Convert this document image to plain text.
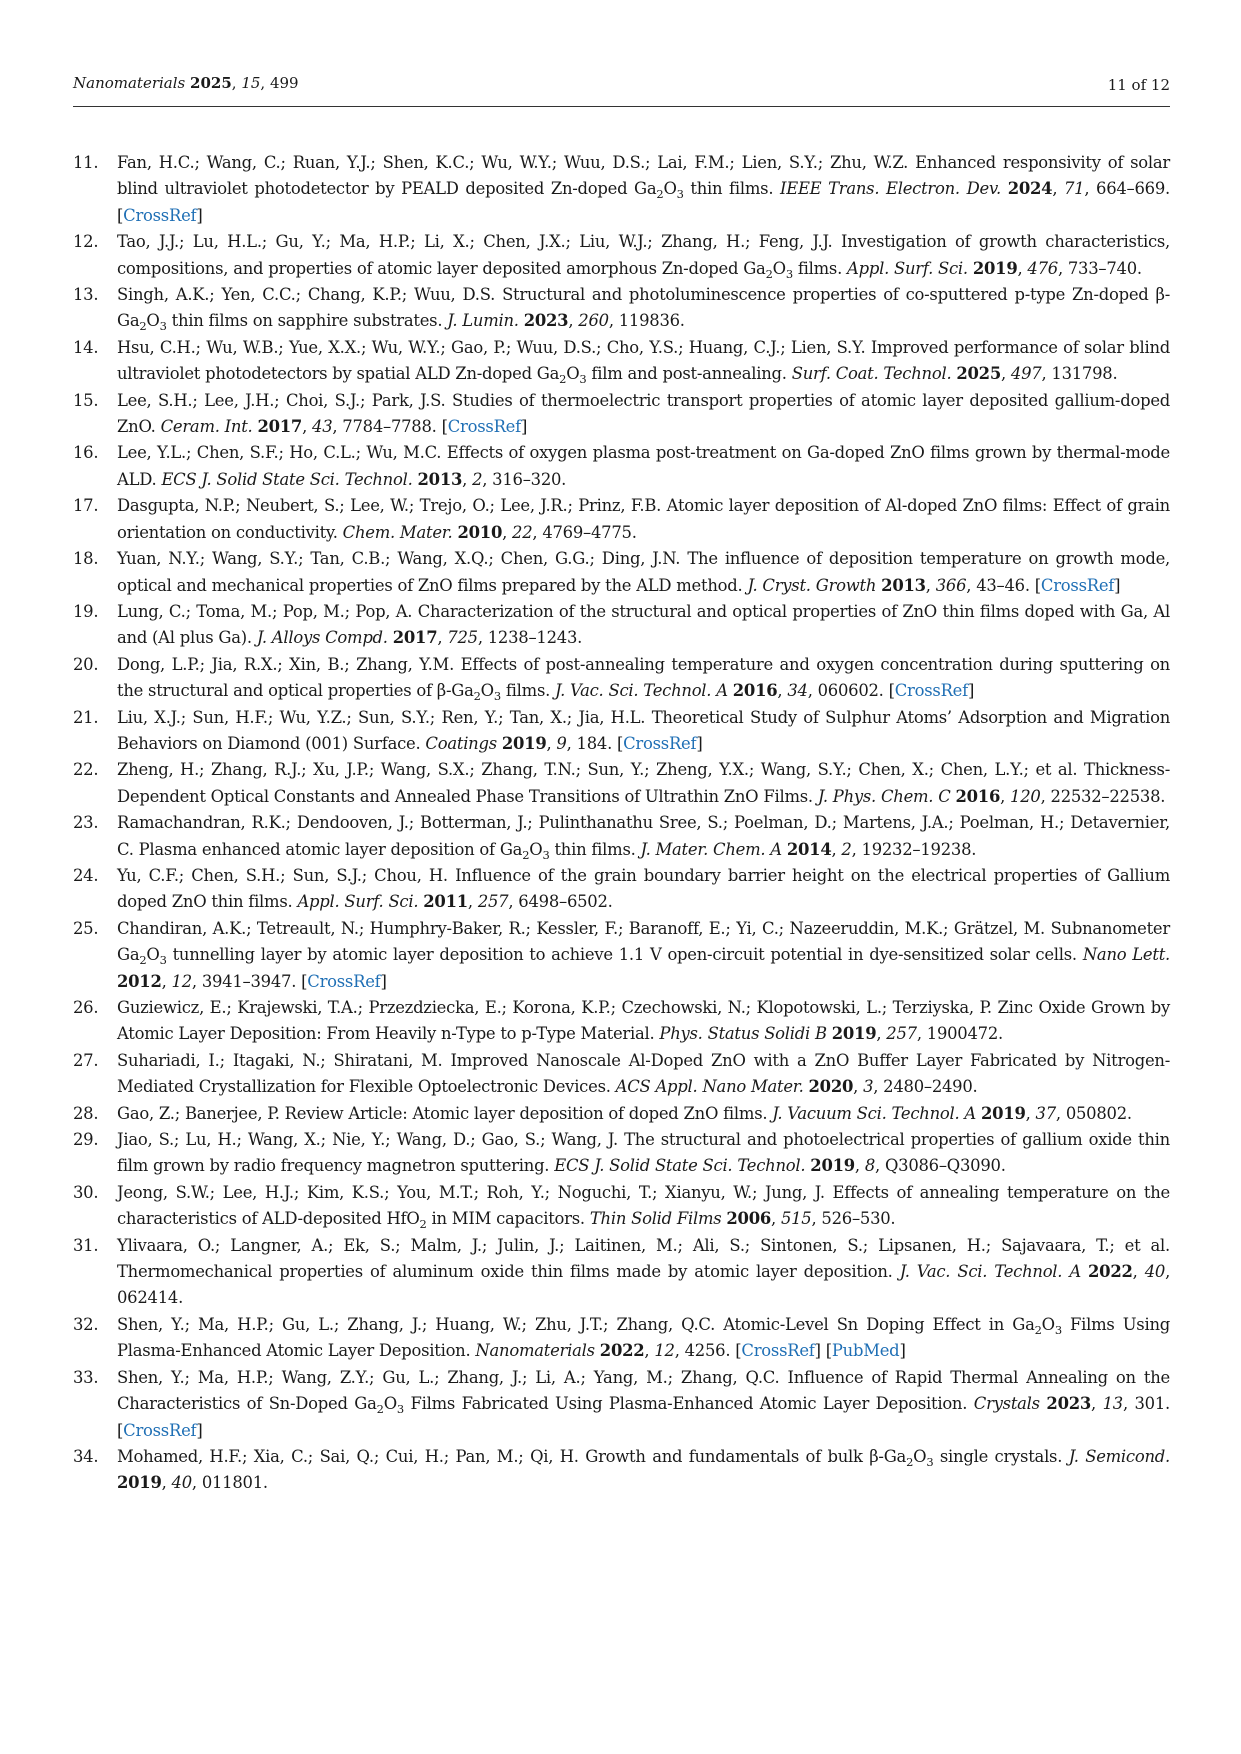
Nanomaterials 2025, 15, 499	11 of 12
11.	Fan, H.C.; Wang, C.; Ruan, Y.J.; Shen, K.C.; Wu, W.Y.; Wuu, D.S.; Lai, F.M.; Lien, S.Y.; Zhu, W.Z. Enhanced responsivity of solar blind ultraviolet photodetector by PEALD deposited Zn-doped $Ga_2O_3$ thin films. IEEE Trans. Electron. Dev. 2024, 71, 664–669. [CrossRef]
12.	Tao, J.J.; Lu, H.L.; Gu, Y.; Ma, H.P.; Li, X.; Chen, J.X.; Liu, W.J.; Zhang, H.; Feng, J.J. Investigation of growth characteristics, compositions, and properties of atomic layer deposited amorphous Zn-doped $Ga_2O_3$ films. Appl. Surf. Sci. 2019, 476, 733–740.
13.	Singh, A.K.; Yen, C.C.; Chang, K.P.; Wuu, D.S. Structural and photoluminescence properties of co-sputtered p-type Zn-doped $\beta-Ga_2O_3$ thin films on sapphire substrates. J. Lumin. 2023, 260, 119836.
14.	Hsu, C.H.; Wu, W.B.; Yue, X.X.; Wu, W.Y.; Gao, P.; Wuu, D.S.; Cho, Y.S.; Huang, C.J.; Lien, S.Y. Improved performance of solar blind ultraviolet photodetectors by spatial ALD Zn-doped $Ga_2O_3$ film and post-annealing. Surf. Coat. Technol. 2025, 497, 131798.
15.	Lee, S.H.; Lee, J.H.; Choi, S.J.; Park, J.S. Studies of thermoelectric transport properties of atomic layer deposited gallium-doped ZnO. Ceram. Int. 2017, 43, 7784–7788. [CrossRef]
16.	Lee, Y.L.; Chen, S.F.; Ho, C.L.; Wu, M.C. Effects of oxygen plasma post-treatment on Ga-doped ZnO films grown by thermal-mode ALD. ECS J. Solid State Sci. Technol. 2013, 2, 316–320.
17.	Dasgupta, N.P.; Neubert, S.; Lee, W.; Trejo, O.; Lee, J.R.; Prinz, F.B. Atomic layer deposition of Al-doped ZnO films: Effect of grain orientation on conductivity. Chem. Mater. 2010, 22, 4769–4775.
18.	Yuan, N.Y.; Wang, S.Y.; Tan, C.B.; Wang, X.Q.; Chen, G.G.; Ding, J.N. The influence of deposition temperature on growth mode, optical and mechanical properties of ZnO films prepared by the ALD method. J. Cryst. Growth 2013, 366, 43–46. [CrossRef]
19.	Lung, C.; Toma, M.; Pop, M.; Pop, A. Characterization of the structural and optical properties of ZnO thin films doped with Ga, Al and (Al plus Ga). J. Alloys Compd. 2017, 725, 1238–1243.
20.	Dong, L.P.; Jia, R.X.; Xin, B.; Zhang, Y.M. Effects of post-annealing temperature and oxygen concentration during sputtering on the structural and optical properties of $\beta-Ga_2O_3$ films. J. Vac. Sci. Technol. A 2016, 34, 060602. [CrossRef]
21.	Liu, X.J.; Sun, H.F.; Wu, Y.Z.; Sun, S.Y.; Ren, Y.; Tan, X.; Jia, H.L. Theoretical Study of Sulphur Atoms’ Adsorption and Migration Behaviors on Diamond (001) Surface. Coatings 2019, 9, 184. [CrossRef]
22.	Zheng, H.; Zhang, R.J.; Xu, J.P.; Wang, S.X.; Zhang, T.N.; Sun, Y.; Zheng, Y.X.; Wang, S.Y.; Chen, X.; Chen, L.Y.; et al. Thickness-Dependent Optical Constants and Annealed Phase Transitions of Ultrathin ZnO Films. J. Phys. Chem. C 2016, 120, 22532–22538.
23.	Ramachandran, R.K.; Dendooven, J.; Botterman, J.; Pulinthanathu Sree, S.; Poelman, D.; Martens, J.A.; Poelman, H.; Detavernier, C. Plasma enhanced atomic layer deposition of $Ga_2O_3$ thin films. J. Mater. Chem. A 2014, 2, 19232–19238.
24.	Yu, C.F.; Chen, S.H.; Sun, S.J.; Chou, H. Influence of the grain boundary barrier height on the electrical properties of Gallium doped ZnO thin films. Appl. Surf. Sci. 2011, 257, 6498–6502.
25.	Chandiran, A.K.; Tetreault, N.; Humphry-Baker, R.; Kessler, F.; Baranoff, E.; Yi, C.; Nazeeruddin, M.K.; Grätzel, M. Subnanometer $Ga_2O_3$ tunnelling layer by atomic layer deposition to achieve 1.1 V open-circuit potential in dye-sensitized solar cells. Nano Lett. 2012, 12, 3941–3947. [CrossRef]
26.	Guziewicz, E.; Krajewski, T.A.; Przezdziecka, E.; Korona, K.P.; Czechowski, N.; Klopotowski, L.; Terziyska, P. Zinc Oxide Grown by Atomic Layer Deposition: From Heavily n-Type to p-Type Material. Phys. Status Solidi B 2019, 257, 1900472.
27.	Suhariadi, I.; Itagaki, N.; Shiratani, M. Improved Nanoscale Al-Doped ZnO with a ZnO Buffer Layer Fabricated by Nitrogen-Mediated Crystallization for Flexible Optoelectronic Devices. ACS Appl. Nano Mater. 2020, 3, 2480–2490.
28.	Gao, Z.; Banerjee, P. Review Article: Atomic layer deposition of doped ZnO films. J. Vacuum Sci. Technol. A 2019, 37, 050802.
29.	Jiao, S.; Lu, H.; Wang, X.; Nie, Y.; Wang, D.; Gao, S.; Wang, J. The structural and photoelectrical properties of gallium oxide thin film grown by radio frequency magnetron sputtering. ECS J. Solid State Sci. Technol. 2019, 8, Q3086–Q3090.
30.	Jeong, S.W.; Lee, H.J.; Kim, K.S.; You, M.T.; Roh, Y.; Noguchi, T.; Xianyu, W.; Jung, J. Effects of annealing temperature on the characteristics of ALD-deposited HfO$_2$ in MIM capacitors. Thin Solid Films 2006, 515, 526–530.
31.	Ylivaara, O.; Langner, A.; Ek, S.; Malm, J.; Julin, J.; Laitinen, M.; Ali, S.; Sintonen, S.; Lipsanen, H.; Sajavaara, T.; et al. Thermomechanical properties of aluminum oxide thin films made by atomic layer deposition. J. Vac. Sci. Technol. A 2022, 40, 062414.
32.	Shen, Y.; Ma, H.P.; Gu, L.; Zhang, J.; Huang, W.; Zhu, J.T.; Zhang, Q.C. Atomic-Level Sn Doping Effect in $Ga_2O_3$ Films Using Plasma-Enhanced Atomic Layer Deposition. Nanomaterials 2022, 12, 4256. [CrossRef] [PubMed]
33.	Shen, Y.; Ma, H.P.; Wang, Z.Y.; Gu, L.; Zhang, J.; Li, A.; Yang, M.; Zhang, Q.C. Influence of Rapid Thermal Annealing on the Characteristics of Sn-Doped $Ga_2O_3$ Films Fabricated Using Plasma-Enhanced Atomic Layer Deposition. Crystals 2023, 13, 301. [CrossRef]
34.	Mohamed, H.F.; Xia, C.; Sai, Q.; Cui, H.; Pan, M.; Qi, H. Growth and fundamentals of bulk $\beta-Ga_2O_3$ single crystals. J. Semicond. 2019, 40, 011801.
